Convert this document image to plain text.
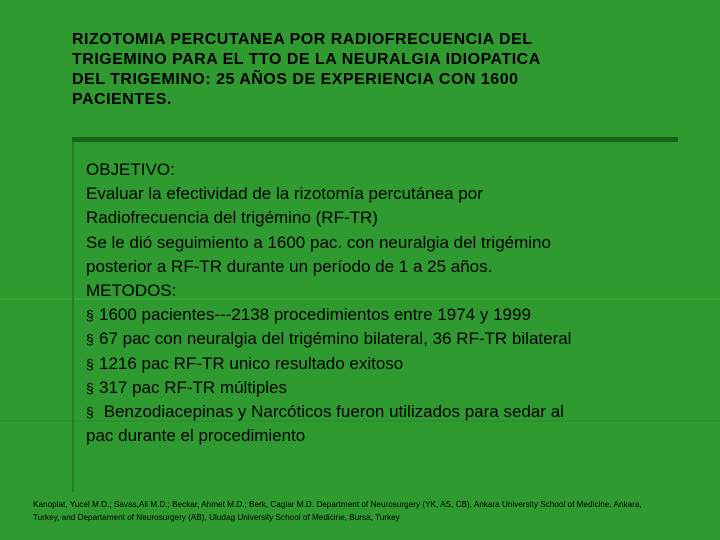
RIZOTOMIA PERCUTANEA POR RADIOFRECUENCIA DEL
TRIGEMINO PARA EL TTO DE LA NEURALGIA IDIOPATICA
DEL TRIGEMINO: 25 AÑOS DE EXPERIENCIA CON 1600
PACIENTES.
OBJETIVO:
Evaluar la efectividad de la rizotomía percutánea por
Radiofrecuencia del trigémino (RF-TR)
Se le dió seguimiento a 1600 pac. con neuralgia del trigémino
posterior a RF-TR durante un período de 1 a 25 años.
METODOS:
§ 1600 pacientes---2138 procedimientos entre 1974 y 1999
§ 67 pac con neuralgia del trigémino bilateral, 36 RF-TR bilateral
§ 1216 pac RF-TR unico resultado exitoso
§ 317 pac RF-TR múltiples
§ Benzodiacepinas y Narcóticos fueron utilizados para sedar al
pac durante el procedimiento
Kanoplat, Yucel M.D.; Savas,Ali M.D.; Beckar, Ahmet M.D.; Berk, Cagiar M.D. Department of Neurosurgery (YK, AS, CB), Ankara University School of Medicine, Ankara,
Turkey, and Departament of Neurosurgery (AB), Uludag University School of Medicine, Bursa, Turkey
